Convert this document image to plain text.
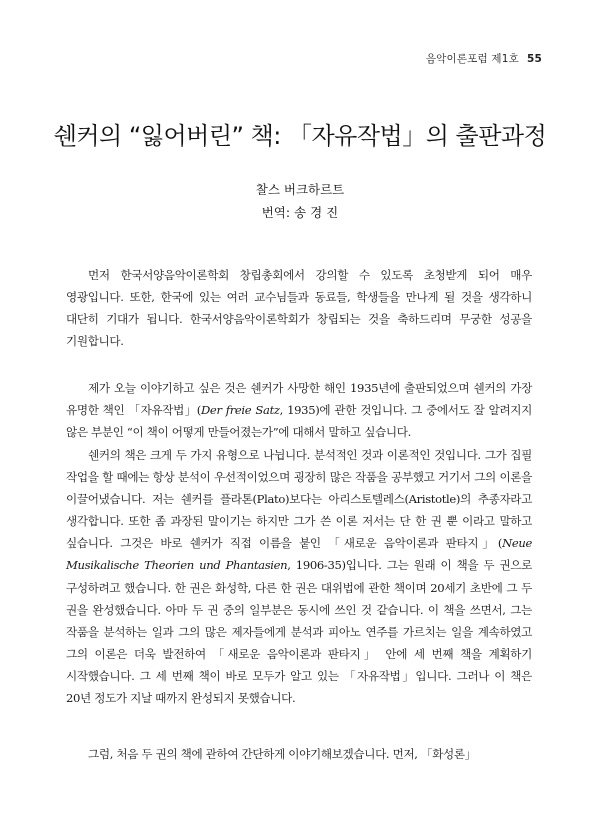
음악이론포럼 제1호 55
쉔커의 “잃어버린” 책: 「자유작법」의 출판과정
찰스 버크하르트
번역: 송 경 진

먼저 한국서양음악이론학회 창립총회에서 강의할 수 있도록 초청받게 되어 매우 영광입니다. 또한, 한국에 있는 여러 교수님들과 동료들, 학생들을 만나게 될 것을 생각하니 대단히 기대가 됩니다. 한국서양음악이론학회가 창립되는 것을 축하드리며 무궁한 성공을 기원합니다.

제가 오늘 이야기하고 싶은 것은 쉔커가 사망한 해인 1935년에 출판되었으며 쉔커의 가장 유명한 책인 「자유작법」(Der freie Satz, 1935)에 관한 것입니다. 그 중에서도 잘 알려지지 않은 부분인 “이 책이 어떻게 만들어졌는가”에 대해서 말하고 싶습니다.

쉔커의 책은 크게 두 가지 유형으로 나뉩니다. 분석적인 것과 이론적인 것입니다. 그가 집필 작업을 할 때에는 항상 분석이 우선적이었으며 굉장히 많은 작품을 공부했고 거기서 그의 이론을 이끌어냈습니다. 저는 쉔커를 플라톤(Plato)보다는 아리스토텔레스(Aristotle)의 추종자라고 생각합니다. 또한 좀 과장된 말이기는 하지만 그가 쓴 이론 저서는 단 한 권 뿐 이라고 말하고 싶습니다. 그것은 바로 쉔커가 직접 이름을 붙인 「새로운 음악이론과 판타지」(Neue Musikalische Theorien und Phantasien, 1906-35)입니다. 그는 원래 이 책을 두 권으로 구성하려고 했습니다. 한 권은 화성학, 다른 한 권은 대위법에 관한 책이며 20세기 초반에 그 두 권을 완성했습니다. 아마 두 권 중의 일부분은 동시에 쓰인 것 같습니다. 이 책을 쓰면서, 그는 작품을 분석하는 일과 그의 많은 제자들에게 분석과 피아노 연주를 가르치는 일을 계속하였고 그의 이론은 더욱 발전하여 「새로운 음악이론과 판타지」 안에 세 번째 책을 계획하기 시작했습니다. 그 세 번째 책이 바로 모두가 알고 있는 「자유작법」입니다. 그러나 이 책은 20년 정도가 지날 때까지 완성되지 못했습니다.

그럼, 처음 두 권의 책에 관하여 간단하게 이야기해보겠습니다. 먼저, 「화성론」
